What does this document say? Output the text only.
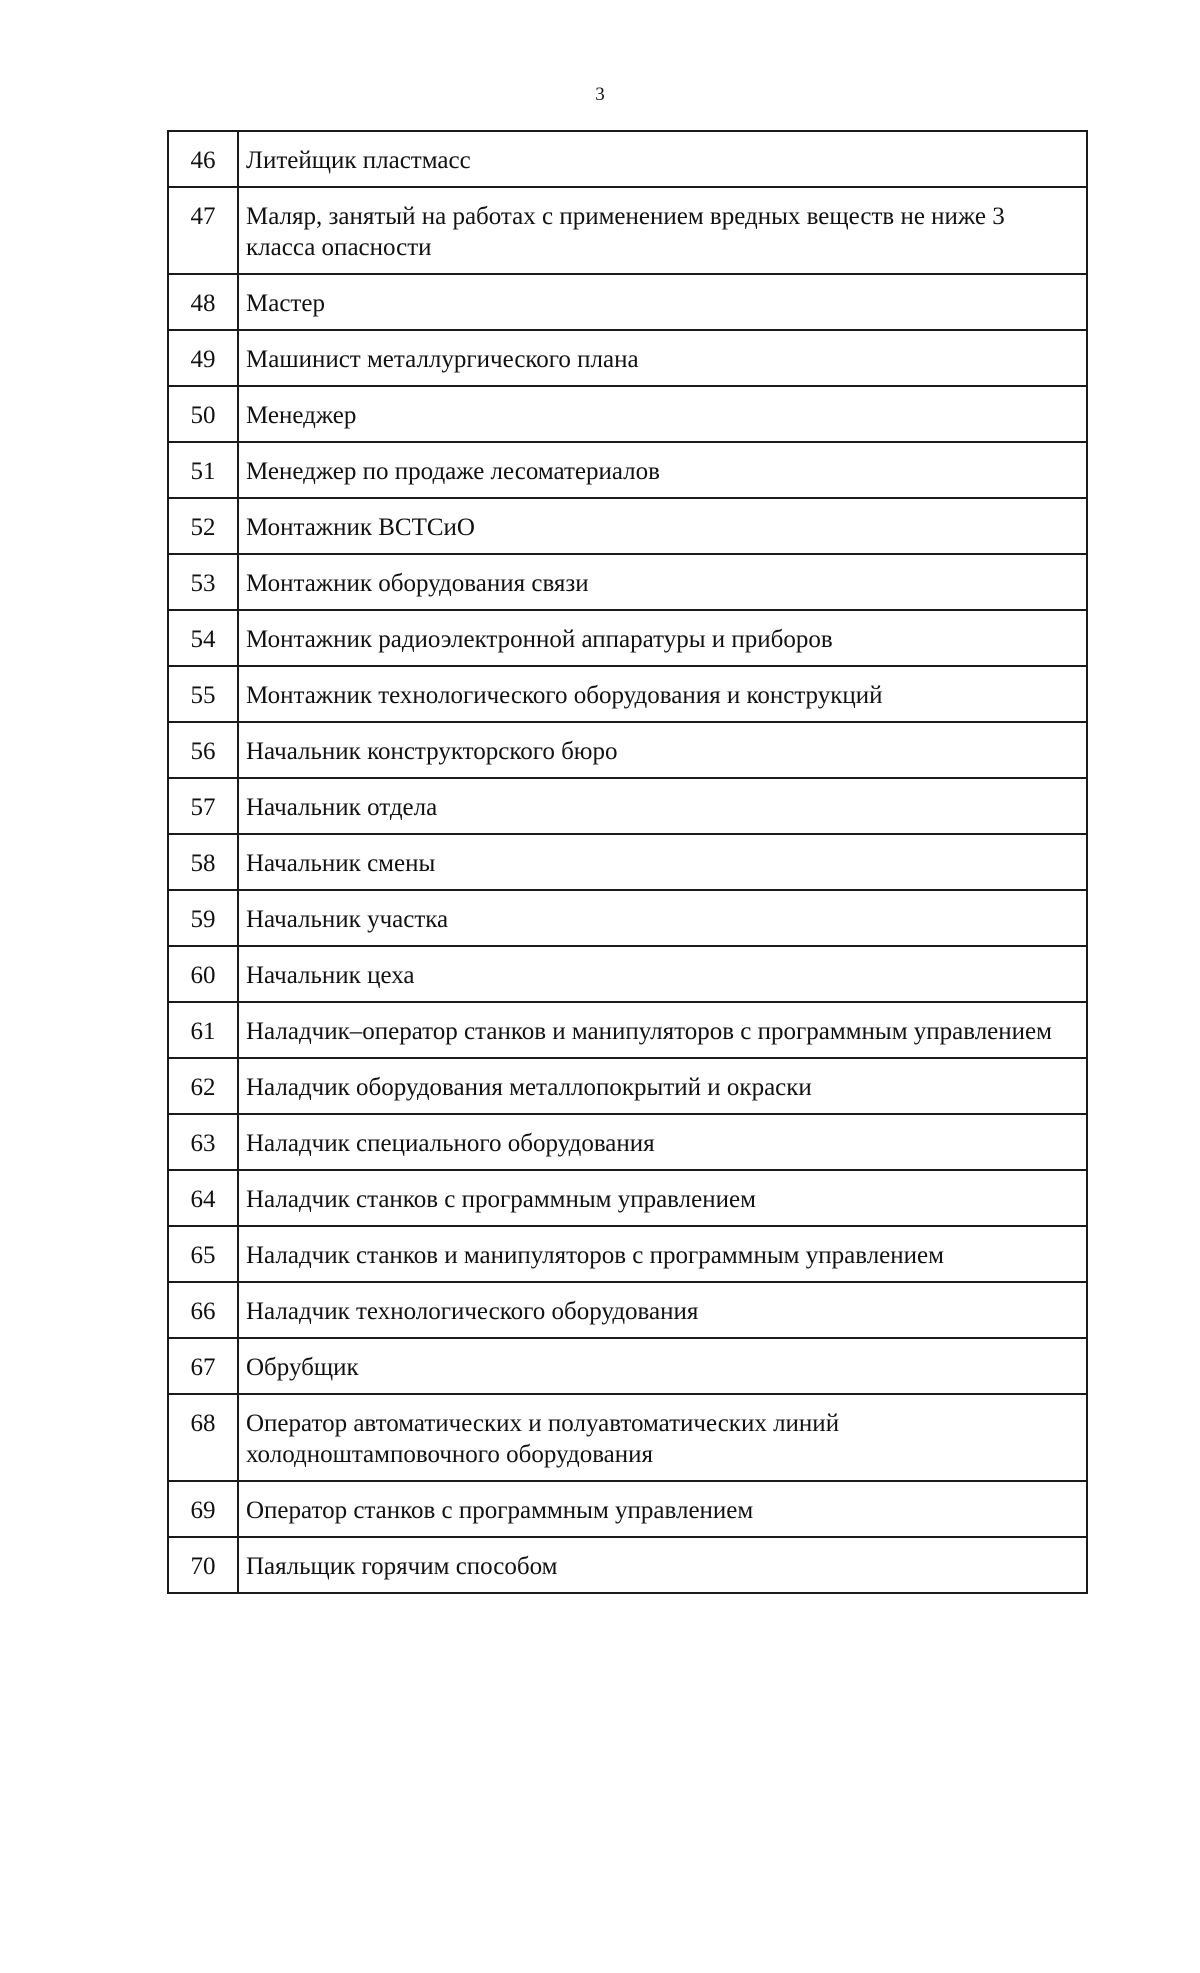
3
46	Литейщик пластмасс
47	Маляр, занятый на работах с применением вредных веществ не ниже 3 класса опасности
48	Мастер
49	Машинист металлургического плана
50	Менеджер
51	Менеджер по продаже лесоматериалов
52	Монтажник ВСТСиО
53	Монтажник оборудования связи
54	Монтажник радиоэлектронной аппаратуры и приборов
55	Монтажник технологического оборудования и конструкций
56	Начальник конструкторского бюро
57	Начальник отдела
58	Начальник смены
59	Начальник участка
60	Начальник цеха
61	Наладчик–оператор станков и манипуляторов с программным управлением
62	Наладчик оборудования металлопокрытий и окраски
63	Наладчик специального оборудования
64	Наладчик станков с программным управлением
65	Наладчик станков и манипуляторов с программным управлением
66	Наладчик технологического оборудования
67	Обрубщик
68	Оператор автоматических и полуавтоматических линий холодноштамповочного оборудования
69	Оператор станков с программным управлением
70	Паяльщик горячим способом
